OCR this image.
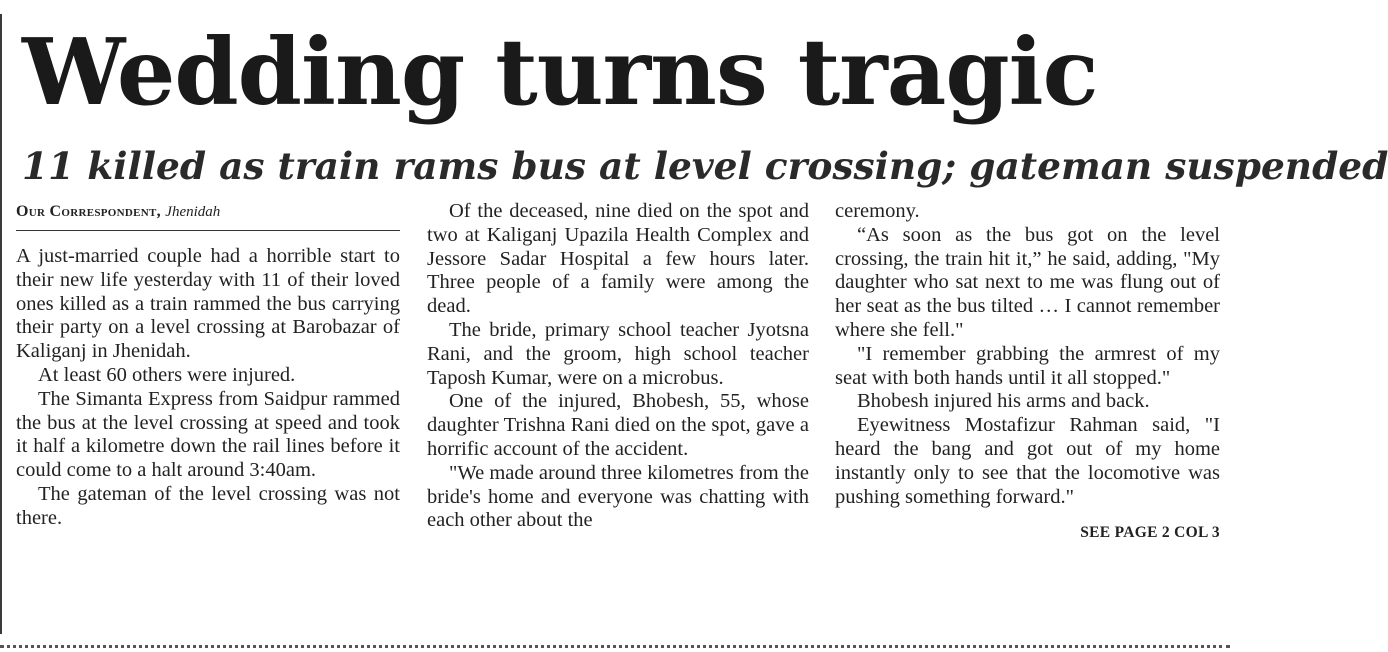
Wedding turns tragic
11 killed as train rams bus at level crossing; gateman suspended
Our Correspondent, Jhenidah

A just-married couple had a horrible start to their new life yesterday with 11 of their loved ones killed as a train rammed the bus carrying their party on a level crossing at Barobazar of Kaliganj in Jhenidah.

At least 60 others were injured.

The Simanta Express from Saidpur rammed the bus at the level crossing at speed and took it half a kilometre down the rail lines before it could come to a halt around 3:40am.

The gateman of the level crossing was not there.

Of the deceased, nine died on the spot and two at Kaliganj Upazila Health Complex and Jessore Sadar Hospital a few hours later. Three people of a family were among the dead.

The bride, primary school teacher Jyotsna Rani, and the groom, high school teacher Taposh Kumar, were on a microbus.

One of the injured, Bhobesh, 55, whose daughter Trishna Rani died on the spot, gave a horrific account of the accident.

"We made around three kilometres from the bride's home and everyone was chatting with each other about the

ceremony.

“As soon as the bus got on the level crossing, the train hit it,” he said, adding, "My daughter who sat next to me was flung out of her seat as the bus tilted … I cannot remember where she fell."

"I remember grabbing the armrest of my seat with both hands until it all stopped."

Bhobesh injured his arms and back.

Eyewitness Mostafizur Rahman said, "I heard the bang and got out of my home instantly only to see that the locomotive was pushing something forward."

SEE PAGE 2 COL 3
